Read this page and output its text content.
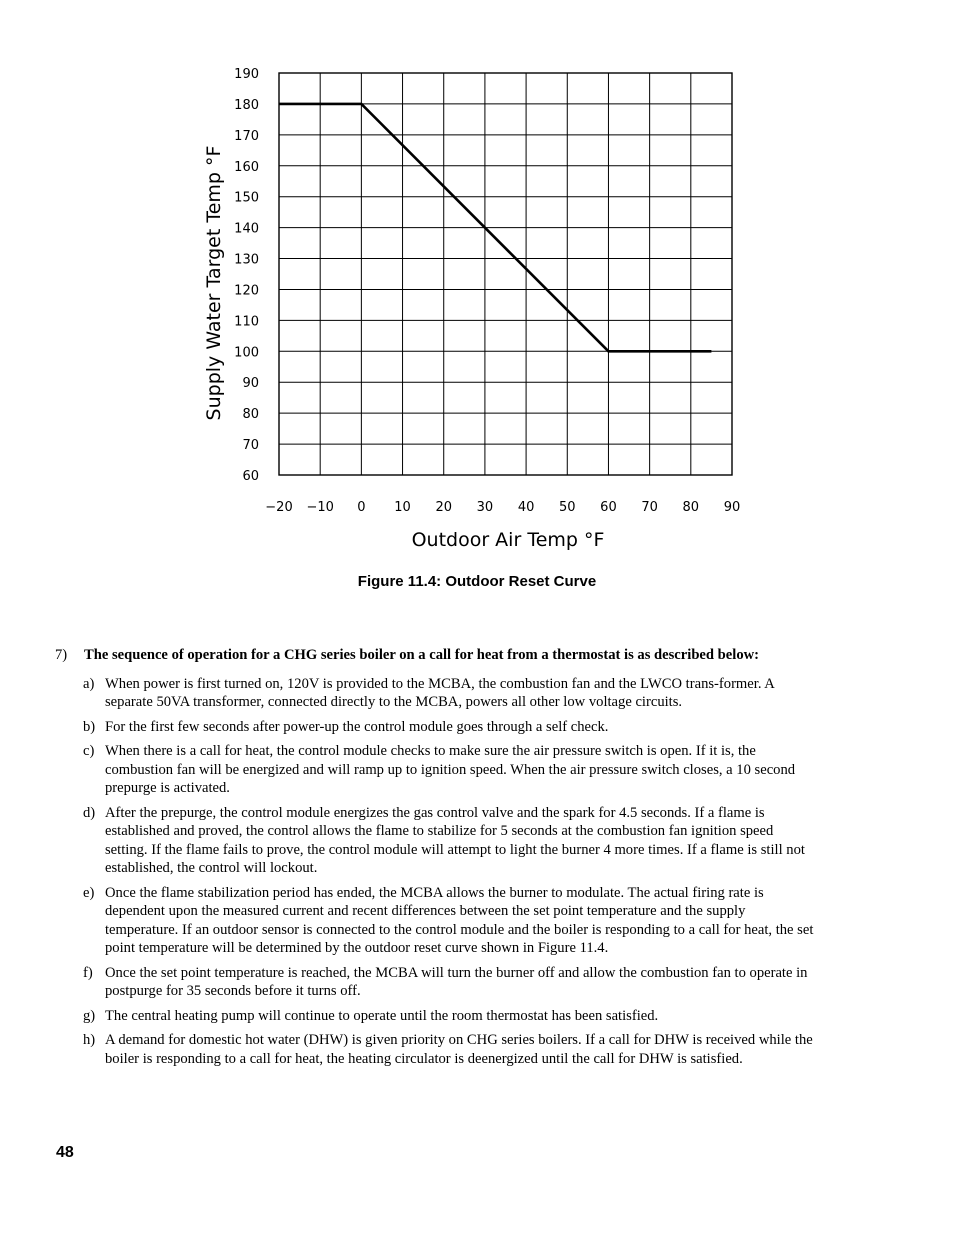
60
70
80
90
100
110
120
130
140
150
160
170
180
190
−20 −10 0 10 20 30 40 50 60 70 80 90
Supply Water Target Temp °F
Outdoor Air Temp °F
Figure 11.4: Outdoor Reset Curve
7) The sequence of operation for a CHG series boiler on a call for heat from a thermostat is as described below:
a) When power is first turned on, 120V is provided to the MCBA, the combustion fan and the LWCO trans-former. A separate 50VA transformer, connected directly to the MCBA, powers all other low voltage circuits.
b) For the first few seconds after power-up the control module goes through a self check.
c) When there is a call for heat, the control module checks to make sure the air pressure switch is open. If it is, the combustion fan will be energized and will ramp up to ignition speed. When the air pressure switch closes, a 10 second prepurge is activated.
d) After the prepurge, the control module energizes the gas control valve and the spark for 4.5 seconds. If a flame is established and proved, the control allows the flame to stabilize for 5 seconds at the combustion fan ignition speed setting. If the flame fails to prove, the control module will attempt to light the burner 4 more times. If a flame is still not established, the control will lockout.
e) Once the flame stabilization period has ended, the MCBA allows the burner to modulate. The actual firing rate is dependent upon the measured current and recent differences between the set point temperature and the supply temperature. If an outdoor sensor is connected to the control module and the boiler is responding to a call for heat, the set point temperature will be determined by the outdoor reset curve shown in Figure 11.4.
f) Once the set point temperature is reached, the MCBA will turn the burner off and allow the combustion fan to operate in postpurge for 35 seconds before it turns off.
g) The central heating pump will continue to operate until the room thermostat has been satisfied.
h) A demand for domestic hot water (DHW) is given priority on CHG series boilers. If a call for DHW is received while the boiler is responding to a call for heat, the heating circulator is deenergized until the call for DHW is satisfied.
48
